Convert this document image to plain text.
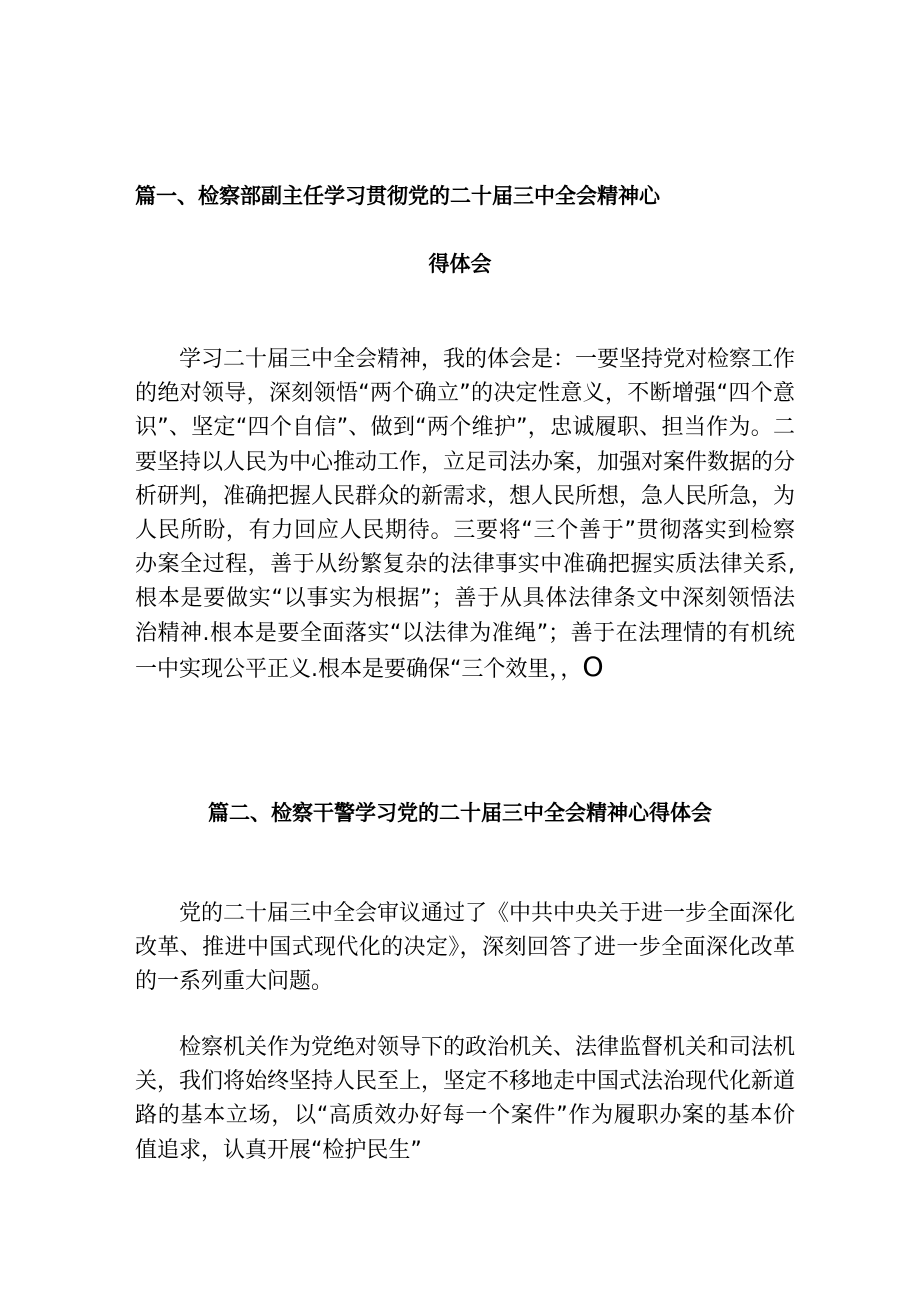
篇一、检察部副主任学习贯彻党的二十届三中全会精神心
得体会

学习二十届三中全会精神，我的体会是：一要坚持党对检察工作的绝对领导，深刻领悟“两个确立”的决定性意义，不断增强“四个意识”、坚定“四个自信”、做到“两个维护”，忠诚履职、担当作为。二要坚持以人民为中心推动工作，立足司法办案，加强对案件数据的分析研判，准确把握人民群众的新需求，想人民所想，急人民所急，为人民所盼，有力回应人民期待。三要将“三个善于”贯彻落实到检察办案全过程，善于从纷繁复杂的法律事实中准确把握实质法律关系,根本是要做实“以事实为根据”；善于从具体法律条文中深刻领悟法治精神.根本是要全面落实“以法律为准绳”；善于在法理情的有机统一中实现公平正义.根本是要确保“三个效里，，O

篇二、检察干警学习党的二十届三中全会精神心得体会

党的二十届三中全会审议通过了《中共中央关于进一步全面深化改革、推进中国式现代化的决定》，深刻回答了进一步全面深化改革的一系列重大问题。

检察机关作为党绝对领导下的政治机关、法律监督机关和司法机关，我们将始终坚持人民至上，坚定不移地走中国式法治现代化新道路的基本立场，以“高质效办好每一个案件”作为履职办案的基本价值追求，认真开展“检护民生”
